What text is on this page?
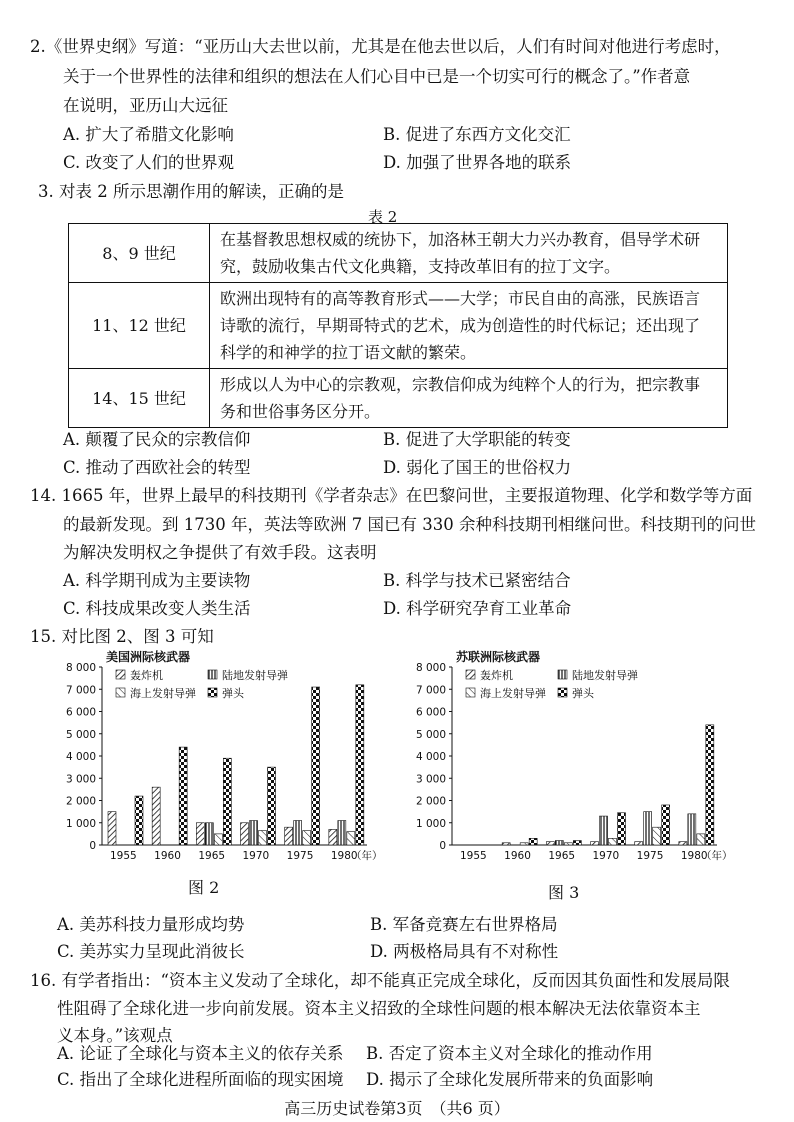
2.《世界史纲》写道：“亚历山大去世以前，尤其是在他去世以后，人们有时间对他进行考虑时，
关于一个世界性的法律和组织的想法在人们心目中已是一个切实可行的概念了。”作者意
在说明，亚历山大远征
A. 扩大了希腊文化影响	B. 促进了东西方文化交汇
C. 改变了人们的世界观	D. 加强了世界各地的联系
3. 对表 2 所示思潮作用的解读，正确的是
表 2
8、9 世纪	在基督教思想权威的统协下，加洛林王朝大力兴办教育，倡导学术研
究，鼓励收集古代文化典籍，支持改革旧有的拉丁文字。

11、12 世纪	欧洲出现特有的高等教育形式——大学；市民自由的高涨，民族语言
诗歌的流行，早期哥特式的艺术，成为创造性的时代标记；还出现了
科学的和神学的拉丁语文献的繁荣。

14、15 世纪	形成以人为中心的宗教观，宗教信仰成为纯粹个人的行为，把宗教事
务和世俗事务区分开。
A. 颠覆了民众的宗教信仰	B. 促进了大学职能的转变
C. 推动了西欧社会的转型	D. 弱化了国王的世俗权力
14. 1665 年，世界上最早的科技期刊《学者杂志》在巴黎问世，主要报道物理、化学和数学等方面
的最新发现。到 1730 年，英法等欧洲 7 国已有 330 余种科技期刊相继问世。科技期刊的问世
为解决发明权之争提供了有效手段。这表明
A. 科学期刊成为主要读物	B. 科学与技术已紧密结合
C. 科技成果改变人类生活	D. 科学研究孕育工业革命
15. 对比图 2、图 3 可知
美国洲际核武器
0
1 000
2 000
3 000
4 000
5 000
6 000
7 000
8 000
1955 1960 1965 1970 1975 1980
（年）
轰炸机	陆地发射导弹
海上发射导弹 弹头
苏联洲际核武器
0
1 000
2 000
3 000
4 000
5 000
6 000
7 000
8 000
1955 1960 1965 1970 1975 1980
（年）
轰炸机	陆地发射导弹
海上发射导弹 弹头
图 2	图 3
A. 美苏科技力量形成均势	B. 军备竞赛左右世界格局
C. 美苏实力呈现此消彼长	D. 两极格局具有不对称性
16. 有学者指出：“资本主义发动了全球化，却不能真正完成全球化，反而因其负面性和发展局限
性阻碍了全球化进一步向前发展。资本主义招致的全球性问题的根本解决无法依靠资本主
义本身。”该观点
A. 论证了全球化与资本主义的依存关系 B. 否定了资本主义对全球化的推动作用
C. 指出了全球化进程所面临的现实困境 D. 揭示了全球化发展所带来的负面影响
高三历史试卷第3页　（共6 页）
